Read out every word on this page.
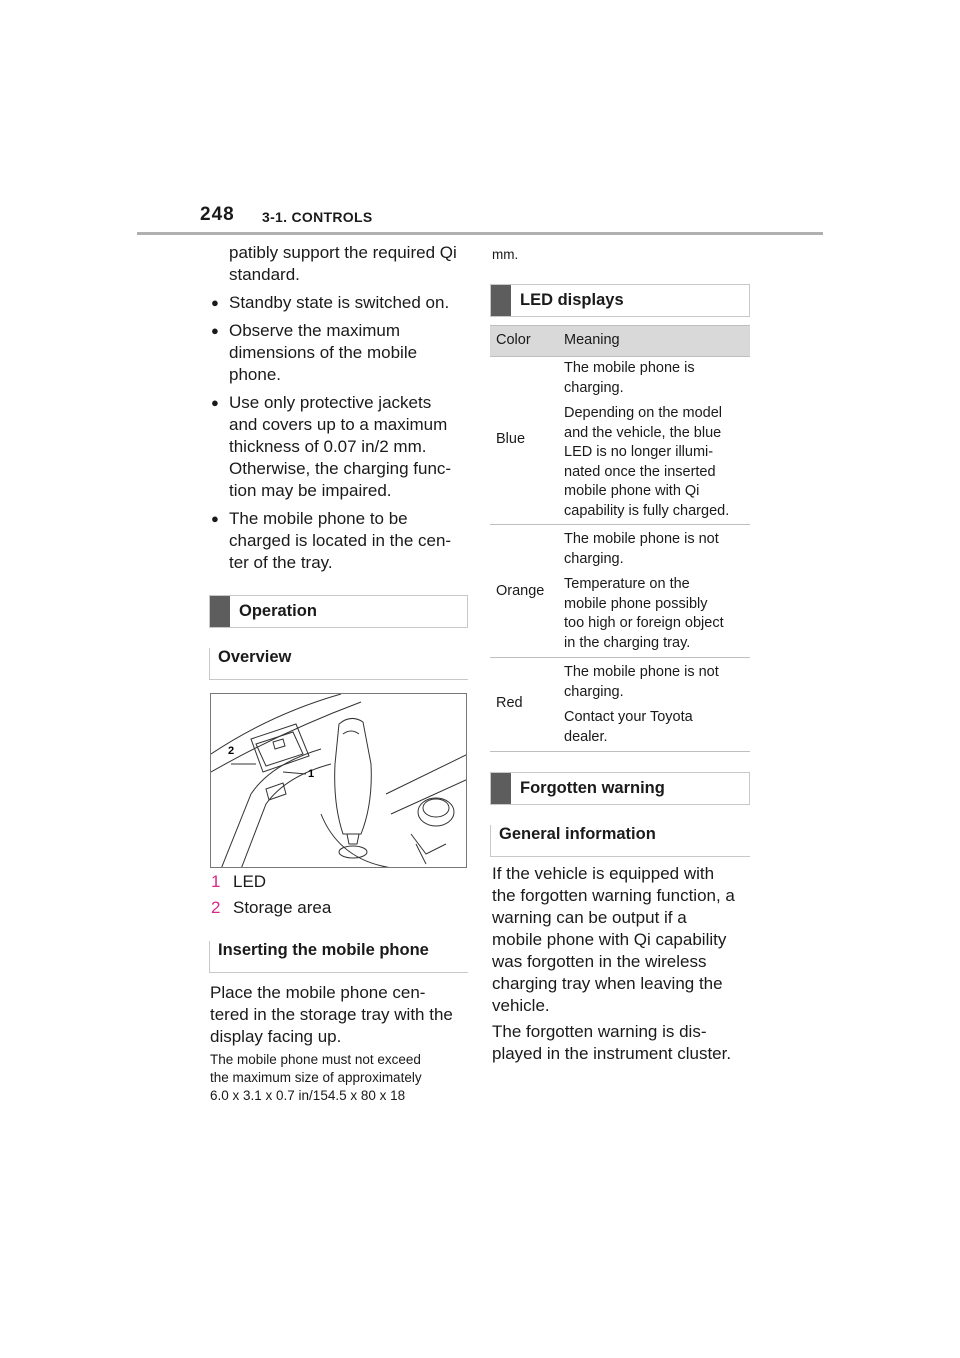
248 3-1. CONTROLS
patibly support the required Qi
standard.
● Standby state is switched on.
● Observe the maximum
dimensions of the mobile
phone.
● Use only protective jackets
and covers up to a maximum
thickness of 0.07 in/2 mm.
Otherwise, the charging func-
tion may be impaired.
● The mobile phone to be
charged is located in the cen-
ter of the tray.
Operation
Overview
2
1
1 LED
2 Storage area
Inserting the mobile phone
Place the mobile phone cen-
tered in the storage tray with the
display facing up.
The mobile phone must not exceed
the maximum size of approximately
6.0 x 3.1 x 0.7 in/154.5 x 80 x 18
mm.
LED displays
Color Meaning
Blue
The mobile phone is
charging.
Depending on the model
and the vehicle, the blue
LED is no longer illumi-
nated once the inserted
mobile phone with Qi
capability is fully charged.
Orange
The mobile phone is not
charging.
Temperature on the
mobile phone possibly
too high or foreign object
in the charging tray.
Red
The mobile phone is not
charging.
Contact your Toyota
dealer.
Forgotten warning
General information
If the vehicle is equipped with
the forgotten warning function, a
warning can be output if a
mobile phone with Qi capability
was forgotten in the wireless
charging tray when leaving the
vehicle.
The forgotten warning is dis-
played in the instrument cluster.
